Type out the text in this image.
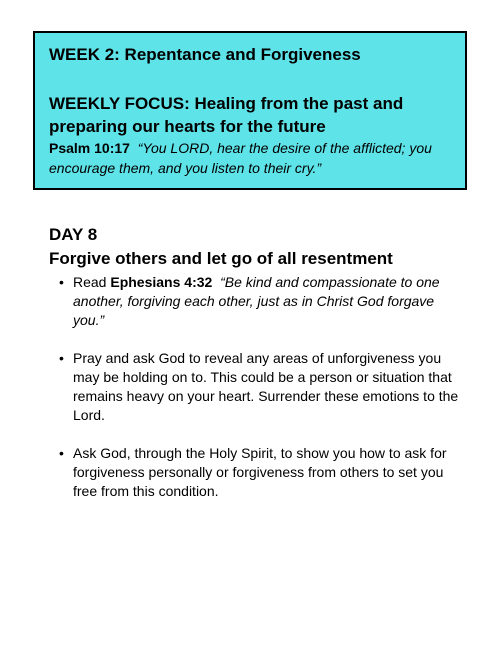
WEEK 2: Repentance and Forgiveness
WEEKLY FOCUS: Healing from the past and preparing our hearts for the future
Psalm 10:17 “You LORD, hear the desire of the afflicted; you encourage them, and you listen to their cry.”
DAY 8
Forgive others and let go of all resentment
• Read Ephesians 4:32 “Be kind and compassionate to one another, forgiving each other, just as in Christ God forgave you.”
• Pray and ask God to reveal any areas of unforgiveness you may be holding on to. This could be a person or situation that remains heavy on your heart. Surrender these emotions to the Lord.
• Ask God, through the Holy Spirit, to show you how to ask for forgiveness personally or forgiveness from others to set you free from this condition.
